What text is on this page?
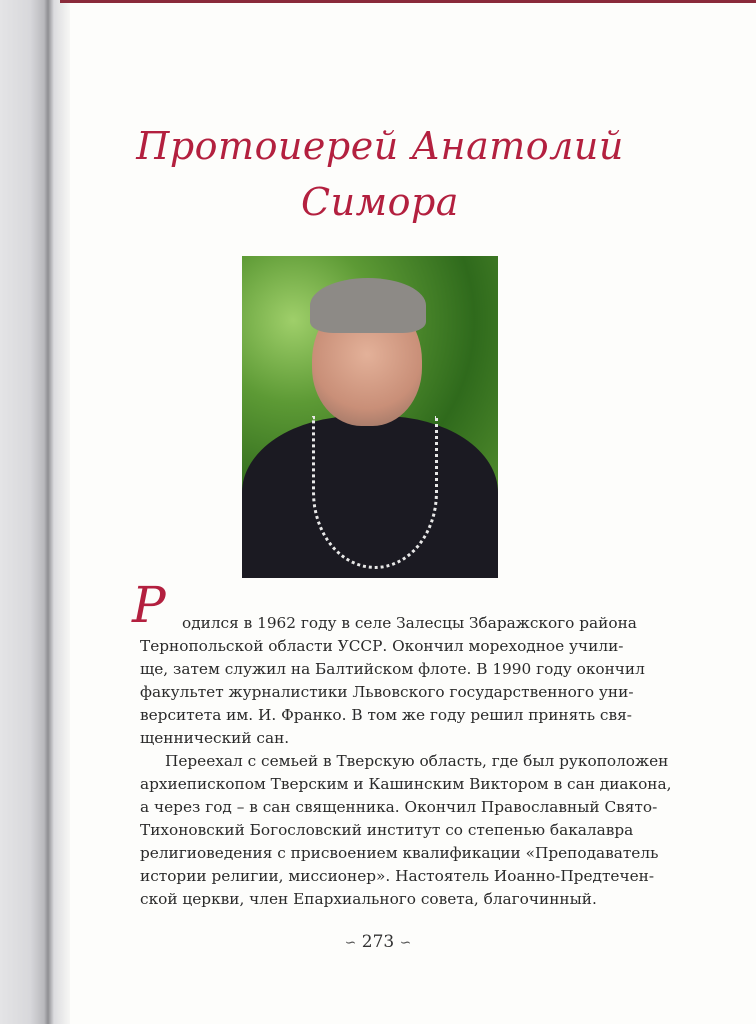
Протоиерей Анатолий
Симора
Р	одился в 1962 году в селе Залесцы Збаражского района
Тернопольской области УССР. Окончил мореходное учили-
ще, затем служил на Балтийском флоте. В 1990 году окончил
факультет журналистики Львовского государственного уни-
верситета им. И. Франко. В том же году решил принять свя-
щеннический сан.
Переехал с семьей в Тверскую область, где был рукоположен
архиепископом Тверским и Кашинским Виктором в сан диакона,
а через год – в сан священника. Окончил Православный Свято-
Тихоновский Богословский институт со степенью бакалавра
религиоведения с присвоением квалификации «Преподаватель
истории религии, миссионер». Настоятель Иоанно-Предтечен-
ской церкви, член Епархиального совета, благочинный.
∽ 273 ∽
